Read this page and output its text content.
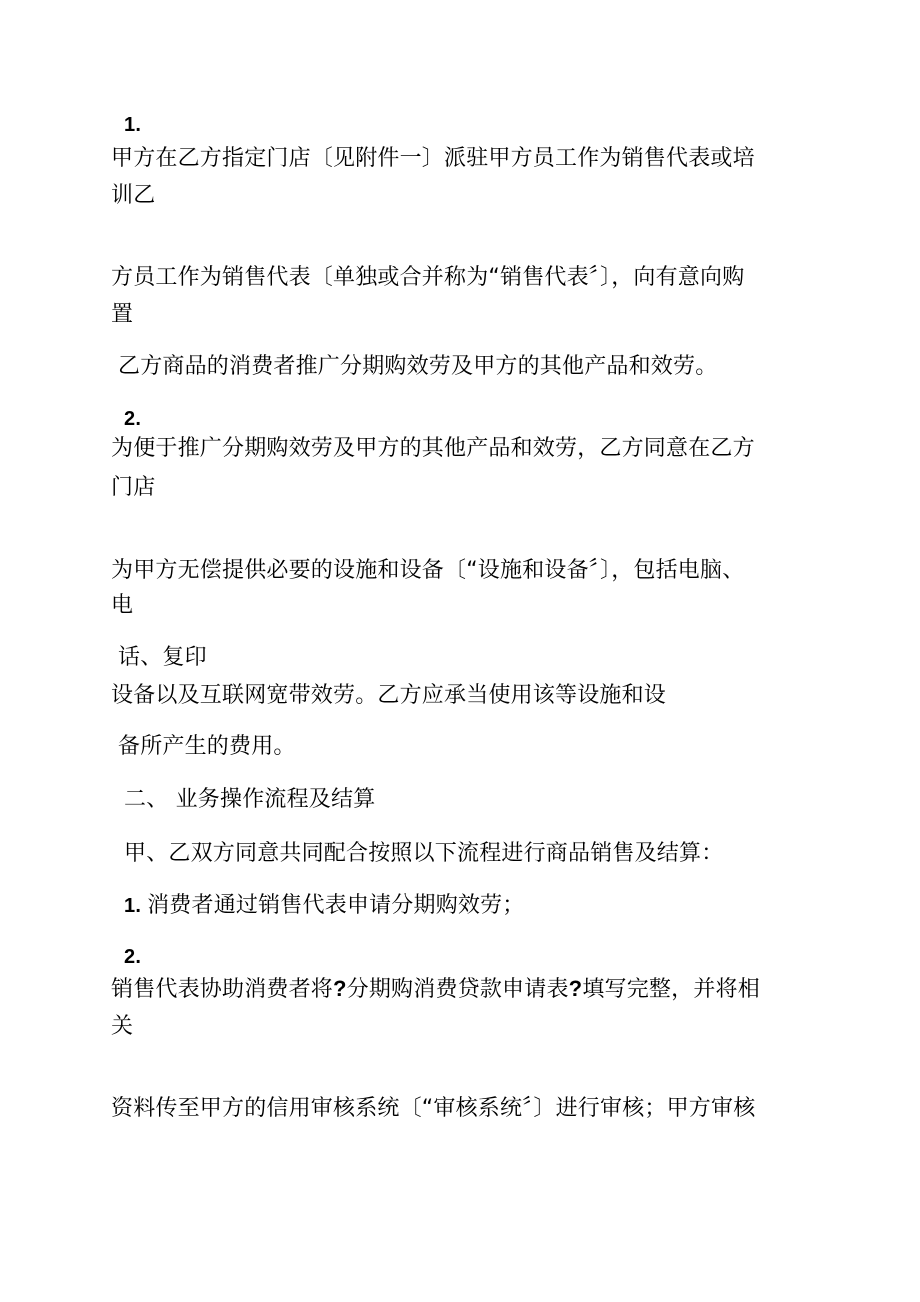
1.
甲方在乙方指定门店〔见附件一〕派驻甲方员工作为销售代表或培
训乙
方员工作为销售代表〔单独或合并称为“销售代表〞〕，向有意向购
置
乙方商品的消费者推广分期购效劳及甲方的其他产品和效劳。
2.
为便于推广分期购效劳及甲方的其他产品和效劳，乙方同意在乙方
门店
为甲方无偿提供必要的设施和设备〔“设施和设备〞〕，包括电脑、
电
话、复印
设备以及互联网宽带效劳。乙方应承当使用该等设施和设
备所产生的费用。
二、 业务操作流程及结算
甲、乙双方同意共同配合按照以下流程进行商品销售及结算：
1. 消费者通过销售代表申请分期购效劳；
2.
销售代表协助消费者将?分期购消费贷款申请表?填写完整，并将相
关
资料传至甲方的信用审核系统〔“审核系统〞〕进行审核；甲方审核
